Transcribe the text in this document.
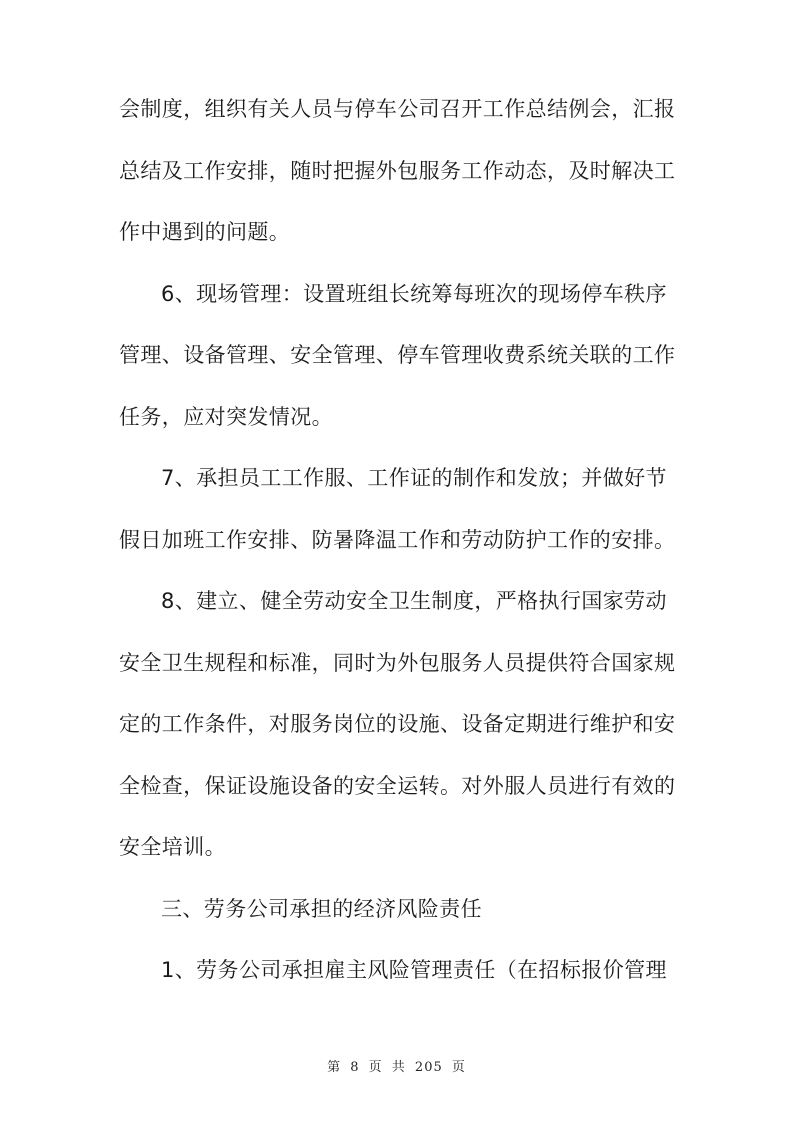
会制度，组织有关人员与停车公司召开工作总结例会，汇报
总结及工作安排，随时把握外包服务工作动态，及时解决工
作中遇到的问题。
6、现场管理：设置班组长统筹每班次的现场停车秩序
管理、设备管理、安全管理、停车管理收费系统关联的工作
任务，应对突发情况。
7、承担员工工作服、工作证的制作和发放；并做好节
假日加班工作安排、防暑降温工作和劳动防护工作的安排。
8、建立、健全劳动安全卫生制度，严格执行国家劳动
安全卫生规程和标准，同时为外包服务人员提供符合国家规
定的工作条件，对服务岗位的设施、设备定期进行维护和安
全检查，保证设施设备的安全运转。对外服人员进行有效的
安全培训。
三、劳务公司承担的经济风险责任
1、劳务公司承担雇主风险管理责任（在招标报价管理
第 8 页 共 205 页
